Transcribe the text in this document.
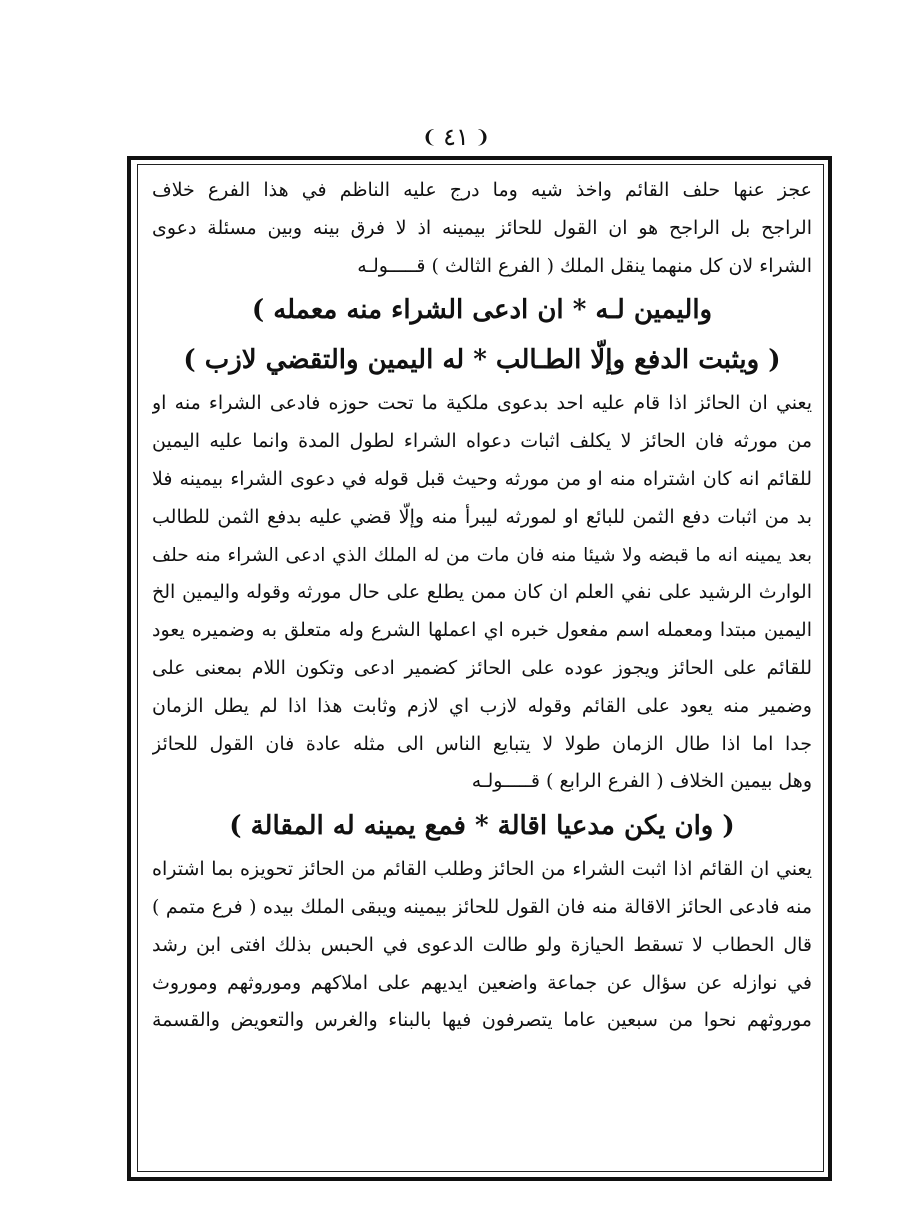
❨
٤١
❩
عجز عنها حلف القائم واخذ شيه وما درج عليه الناظم في هذا الفرع خلاف
الراجح بل الراجح هو ان القول للحائز بيمينه اذ لا فرق بينه وبين مسئلة دعوى
الشراء لان كل منهما ينقل الملك ( الفرع الثالث ) قـــــولـه
واليمين لـه * ان ادعى الشراء منه معمله )
( ويثبت الدفع وإلّا الطـالب * له اليمين والتقضي لازب )
يعني ان الحائز اذا قام عليه احد بدعوى ملكية ما تحت حوزه فادعى الشراء منه او
من مورثه فان الحائز لا يكلف اثبات دعواه الشراء لطول المدة وانما عليه اليمين
للقائم انه كان اشتراه منه او من مورثه وحيث قبل قوله في دعوى الشراء بيمينه فلا
بد من اثبات دفع الثمن للبائع او لمورثه ليبرأ منه وإلّا قضي عليه بدفع الثمن للطالب
بعد يمينه انه ما قبضه ولا شيئا منه فان مات من له الملك الذي ادعى الشراء منه حلف
الوارث الرشيد على نفي العلم ان كان ممن يطلع على حال مورثه وقوله واليمين الخ
اليمين مبتدا ومعمله اسم مفعول خبره اي اعملها الشرع وله متعلق به وضميره يعود
للقائم على الحائز ويجوز عوده على الحائز كضمير ادعى وتكون اللام بمعنى على
وضمير منه يعود على القائم وقوله لازب اي لازم وثابت هذا اذا لم يطل الزمان
جدا اما اذا طال الزمان طولا لا يتبايع الناس الى مثله عادة فان القول للحائز
وهل بيمين الخلاف ( الفرع الرابع ) قـــــولـه
( وان يكن مدعيا اقالة * فمع يمينه له المقالة )
يعني ان القائم اذا اثبت الشراء من الحائز وطلب القائم من الحائز تحويزه بما اشتراه
منه فادعى الحائز الاقالة منه فان القول للحائز بيمينه ويبقى الملك بيده ( فرع متمم )
قال الحطاب لا تسقط الحيازة ولو طالت الدعوى في الحبس بذلك افتى ابن رشد
في نوازله عن سؤال عن جماعة واضعين ايديهم على املاكهم وموروثهم وموروث
موروثهم نحوا من سبعين عاما يتصرفون فيها بالبناء والغرس والتعويض والقسمة
